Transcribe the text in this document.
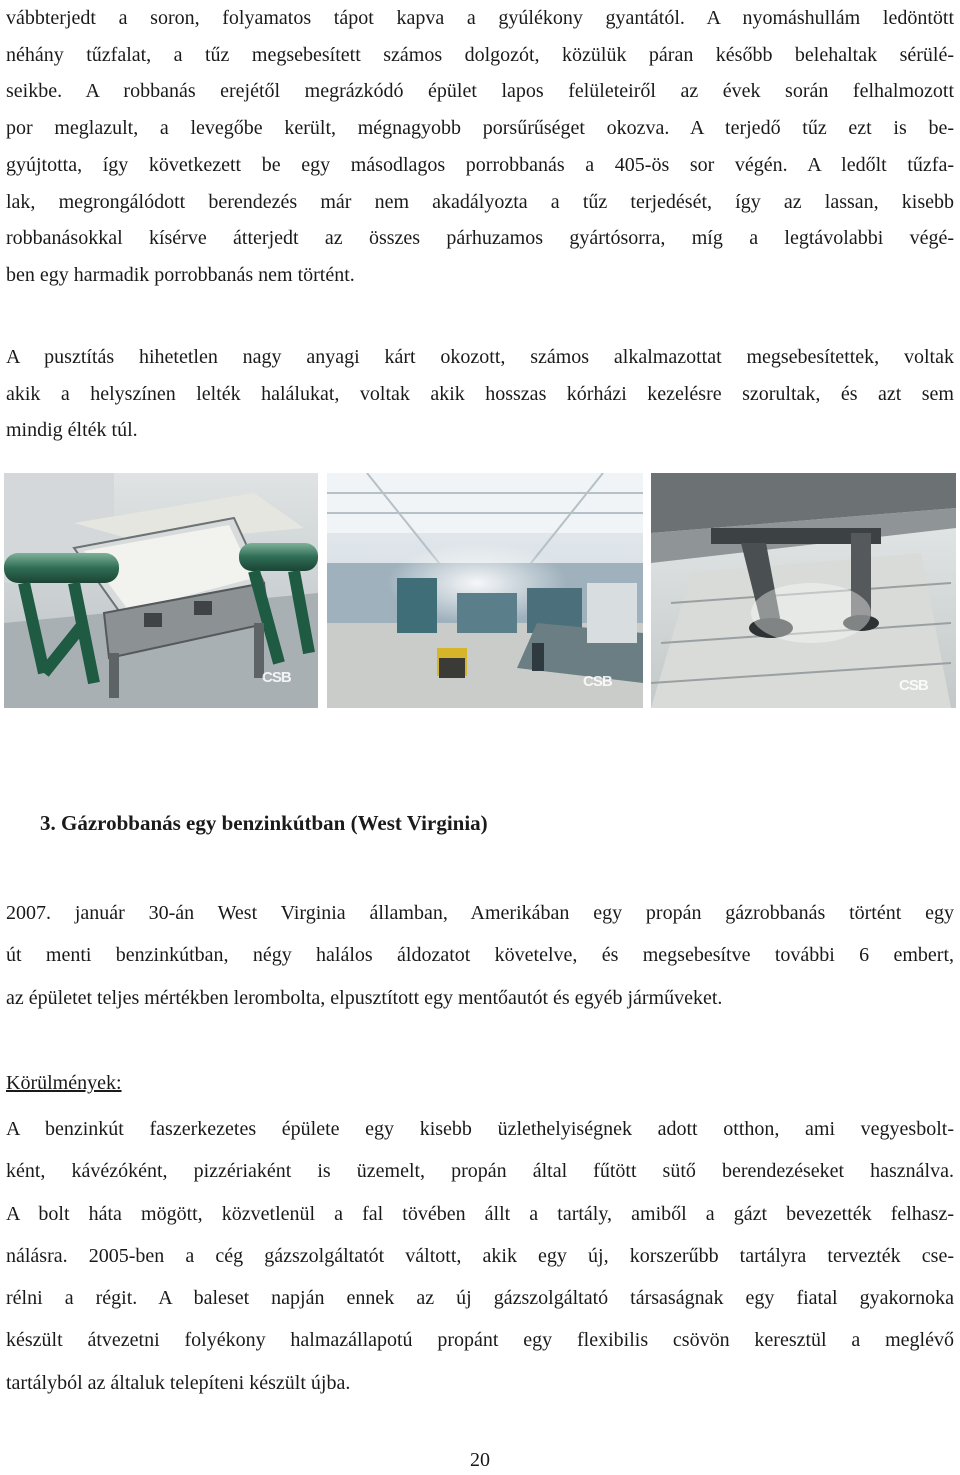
vábbterjedt a soron, folyamatos tápot kapva a gyúlékony gyantától. A nyomáshullám ledöntött
néhány tűzfalat, a tűz megsebesített számos dolgozót, közülük páran később belehaltak sérülé-
seikbe. A robbanás erejétől megrázkódó épület lapos felületeiről az évek során felhalmozott
por meglazult, a levegőbe került, mégnagyobb porsűrűséget okozva. A terjedő tűz ezt is be-
gyújtotta, így következett be egy másodlagos porrobbanás a 405-ös sor végén. A ledőlt tűzfa-
lak, megrongálódott berendezés már nem akadályozta a tűz terjedését, így az lassan, kisebb
robbanásokkal kísérve átterjedt az összes párhuzamos gyártósorra, míg a legtávolabbi végé-
ben egy harmadik porrobbanás nem történt.
A pusztítás hihetetlen nagy anyagi kárt okozott, számos alkalmazottat megsebesítettek, voltak
akik a helyszínen lelték halálukat, voltak akik hosszas kórházi kezelésre szorultak, és azt sem
mindig élték túl.
CSB	CSB	CSB
3. Gázrobbanás egy benzinkútban (West Virginia)
2007. január 30-án West Virginia államban, Amerikában egy propán gázrobbanás történt egy
út menti benzinkútban, négy halálos áldozatot követelve, és megsebesítve további 6 embert,
az épületet teljes mértékben lerombolta, elpusztított egy mentőautót és egyéb járműveket.

Körülmények:

A benzinkút faszerkezetes épülete egy kisebb üzlethelyiségnek adott otthon, ami vegyesbolt-
ként, kávézóként, pizzériaként is üzemelt, propán által fűtött sütő berendezéseket használva.
A bolt háta mögött, közvetlenül a fal tövében állt a tartály, amiből a gázt bevezették felhasz-
nálásra. 2005-ben a cég gázszolgáltatót váltott, akik egy új, korszerűbb tartályra tervezték cse-
rélni a régit. A baleset napján ennek az új gázszolgáltató társaságnak egy fiatal gyakornoka
készült átvezetni folyékony halmazállapotú propánt egy flexibilis csövön keresztül a meglévő
tartályból az általuk telepíteni készült újba.
20
